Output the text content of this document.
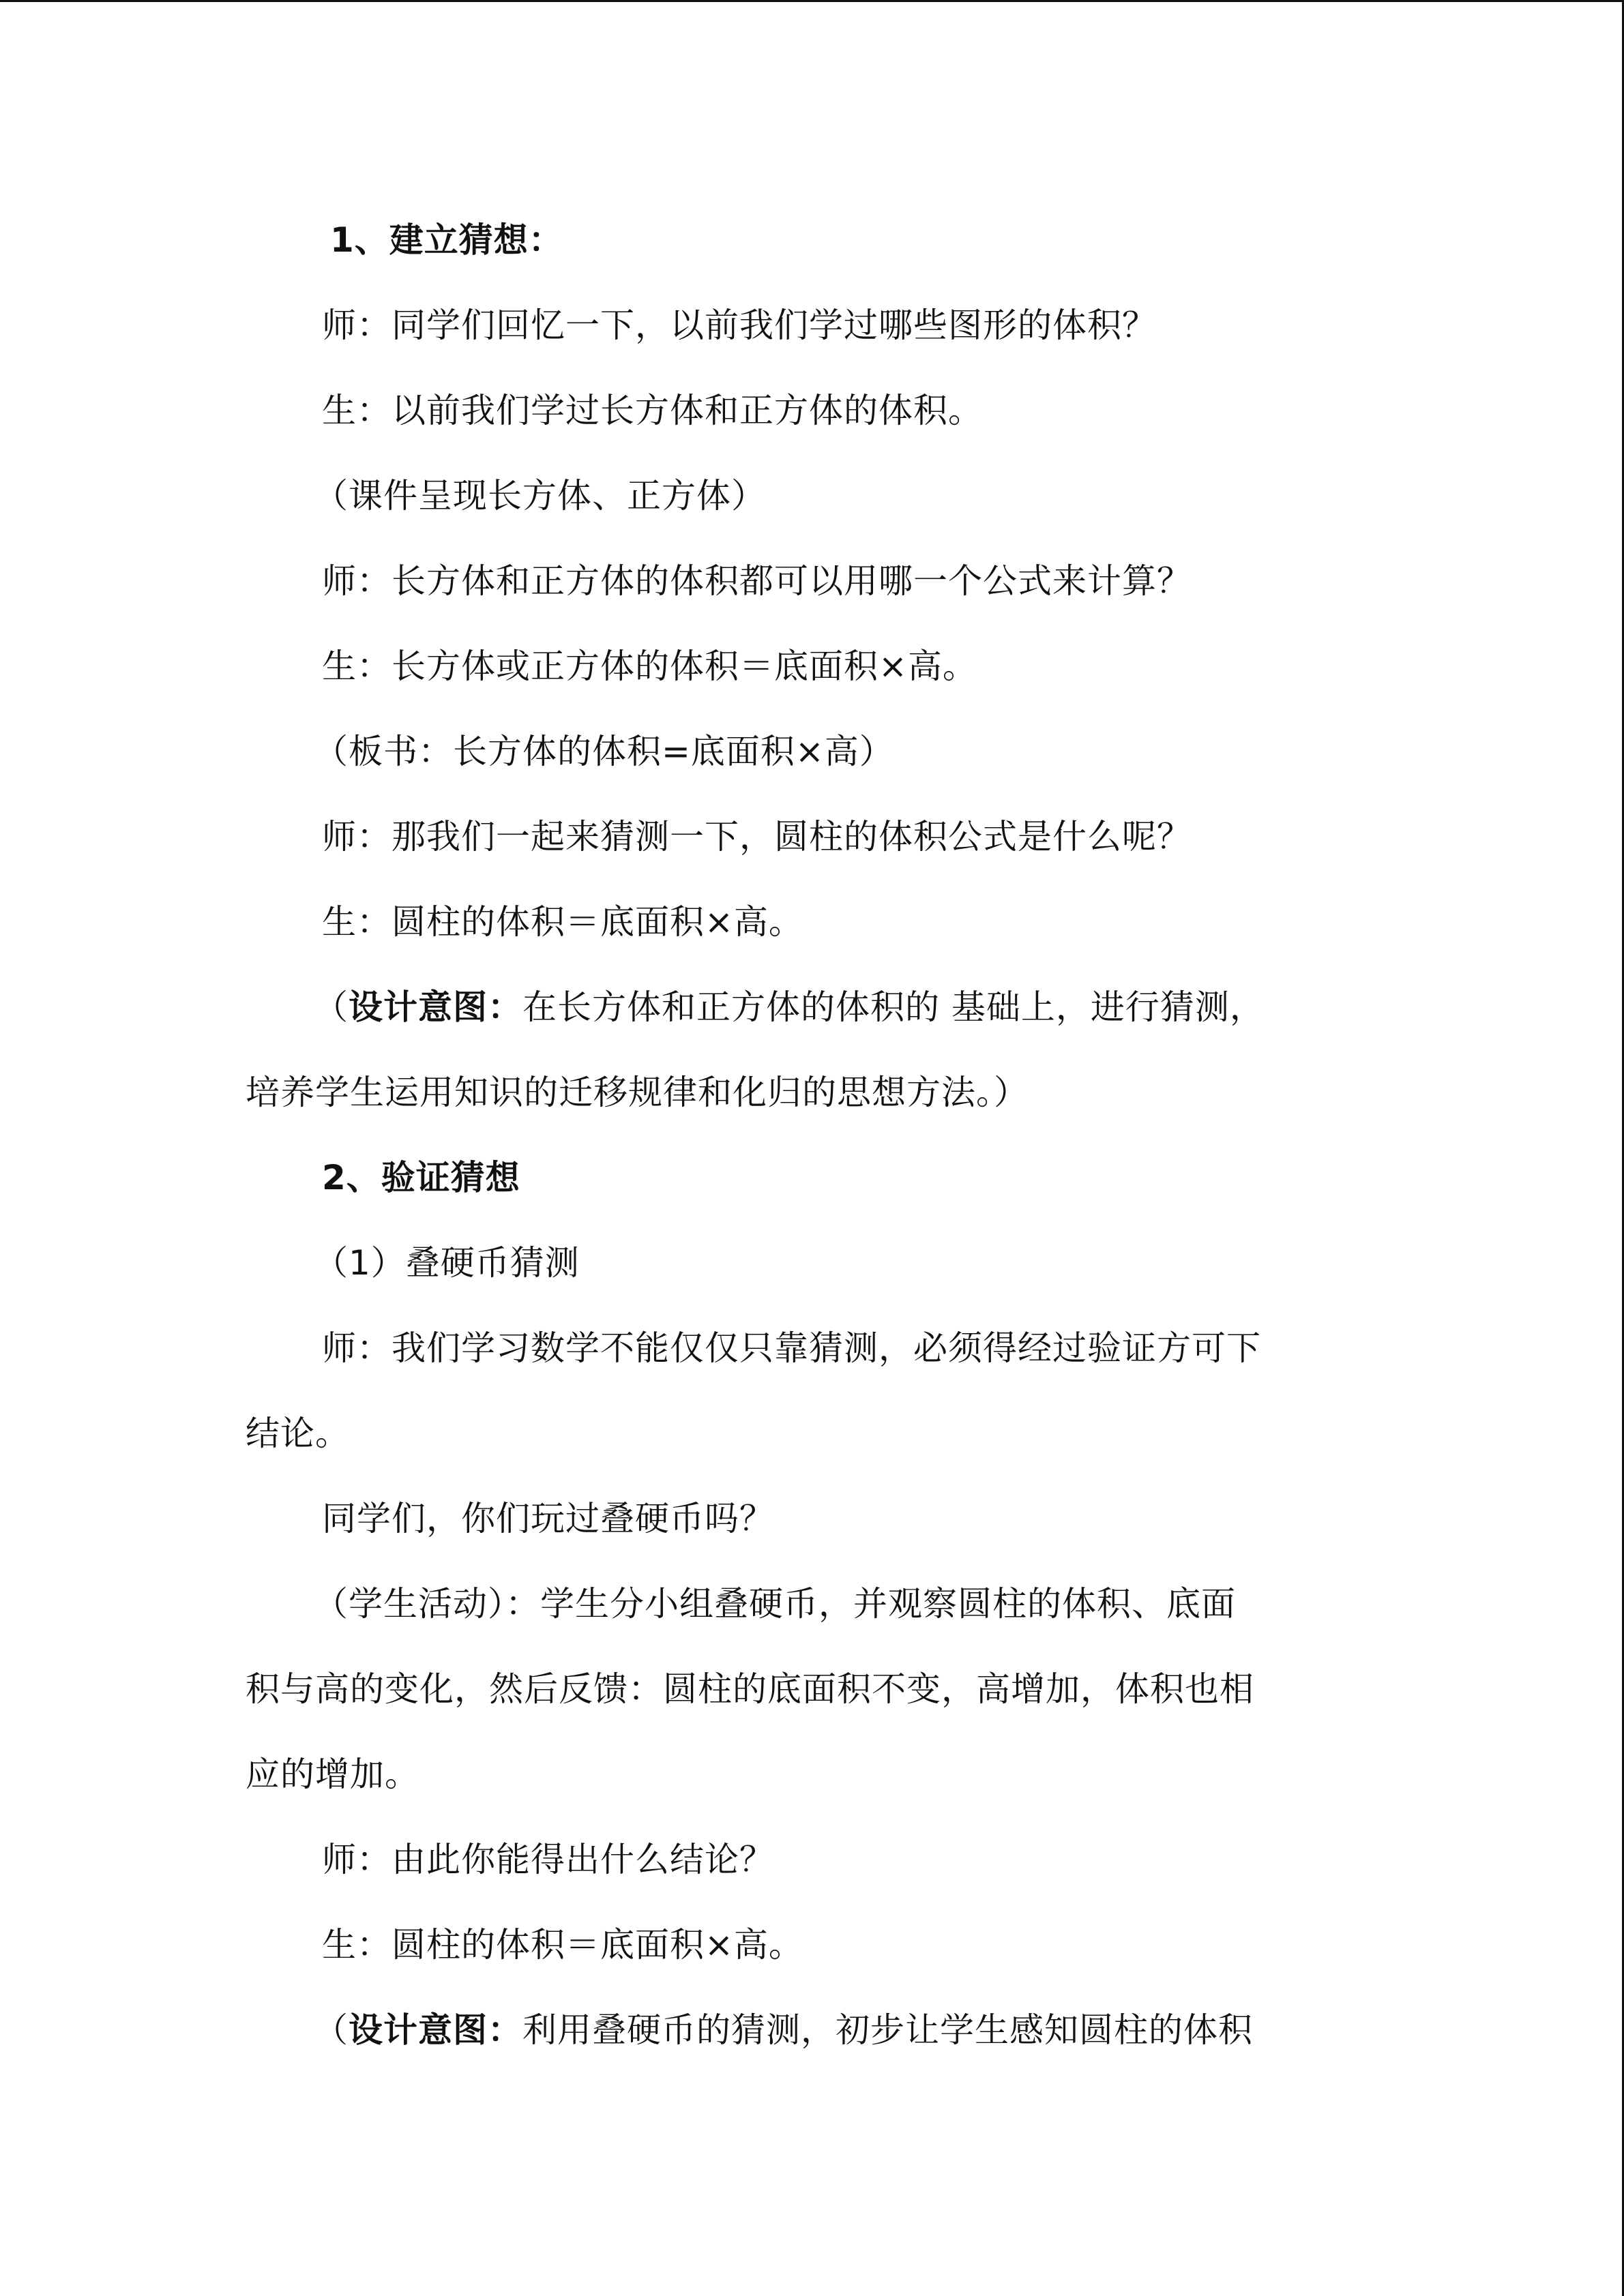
1、建立猜想：
师：同学们回忆一下，以前我们学过哪些图形的体积？
生：以前我们学过长方体和正方体的体积。
（课件呈现长方体、正方体）
师：长方体和正方体的体积都可以用哪一个公式来计算？
生：长方体或正方体的体积＝底面积×高。
（板书：长方体的体积=底面积×高）
师：那我们一起来猜测一下，圆柱的体积公式是什么呢？
生：圆柱的体积＝底面积×高。
（设计意图：在长方体和正方体的体积的 基础上，进行猜测，
培养学生运用知识的迁移规律和化归的思想方法。）
2、验证猜想
（1）叠硬币猜测
师：我们学习数学不能仅仅只靠猜测，必须得经过验证方可下
结论。
同学们，你们玩过叠硬币吗？
（学生活动）：学生分小组叠硬币，并观察圆柱的体积、底面
积与高的变化，然后反馈：圆柱的底面积不变，高增加，体积也相
应的增加。
师：由此你能得出什么结论？
生：圆柱的体积＝底面积×高。
（设计意图：利用叠硬币的猜测，初步让学生感知圆柱的体积
